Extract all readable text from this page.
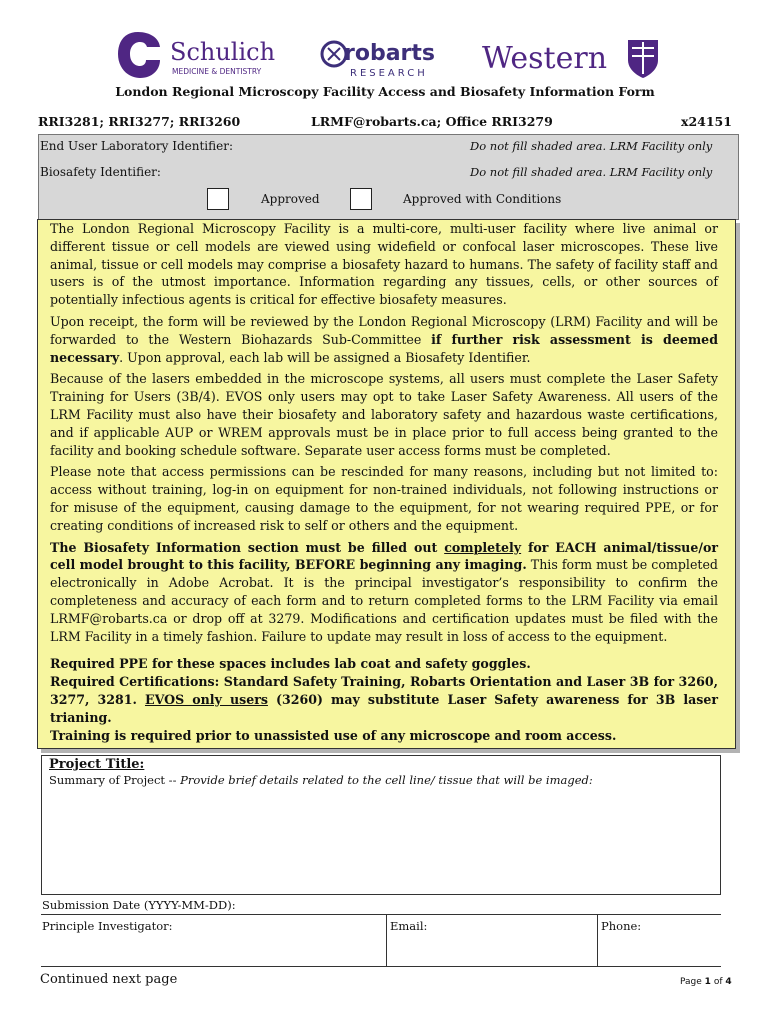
Schulich
MEDICINE & DENTISTRY
robarts
RESEARCH Western
London Regional Microscopy Facility Access and Biosafety Information Form
RRI3281; RRI3277; RRI3260	LRMF@robarts.ca; Office RRI3279	x24151
End User Laboratory Identifier:	Do not fill shaded area. LRM Facility only
Biosafety Identifier:	Do not fill shaded area. LRM Facility only
Approved	Approved with Conditions

The London Regional Microscopy Facility is a multi-core, multi-user facility where live animal or different tissue or cell models are viewed using widefield or confocal laser microscopes. These live animal, tissue or cell models may comprise a biosafety hazard to humans. The safety of facility staff and users is of the utmost importance. Information regarding any tissues, cells, or other sources of potentially infectious agents is critical for effective biosafety measures.

Upon receipt, the form will be reviewed by the London Regional Microscopy (LRM) Facility and will be forwarded to the Western Biohazards Sub-Committee if further risk assessment is deemed necessary. Upon approval, each lab will be assigned a Biosafety Identifier.

Because of the lasers embedded in the microscope systems, all users must complete the Laser Safety Training for Users (3B/4). EVOS only users may opt to take Laser Safety Awareness. All users of the LRM Facility must also have their biosafety and laboratory safety and hazardous waste certifications, and if applicable AUP or WREM approvals must be in place prior to full access being granted to the facility and booking schedule software. Separate user access forms must be completed.

Please note that access permissions can be rescinded for many reasons, including but not limited to: access without training, log-in on equipment for non-trained individuals, not following instructions or for misuse of the equipment, causing damage to the equipment, for not wearing required PPE, or for creating conditions of increased risk to self or others and the equipment.

The Biosafety Information section must be filled out completely for EACH animal/tissue/or cell model brought to this facility, BEFORE beginning any imaging. This form must be completed electronically in Adobe Acrobat. It is the principal investigator’s responsibility to confirm the completeness and accuracy of each form and to return completed forms to the LRM Facility via email LRMF@robarts.ca or drop off at 3279. Modifications and certification updates must be filed with the LRM Facility in a timely fashion. Failure to update may result in loss of access to the equipment.

Required PPE for these spaces includes lab coat and safety goggles.

Required Certifications: Standard Safety Training, Robarts Orientation and Laser 3B for 3260, 3277, 3281. EVOS only users (3260) may substitute Laser Safety awareness for 3B laser trianing.

Training is required prior to unassisted use of any microscope and room access.

Project Title:
Summary of Project -- Provide brief details related to the cell line/ tissue that will be imaged:
Submission Date (YYYY-MM-DD):
Principle Investigator:	Email:	Phone:
Continued next page	Page 1 of 4
